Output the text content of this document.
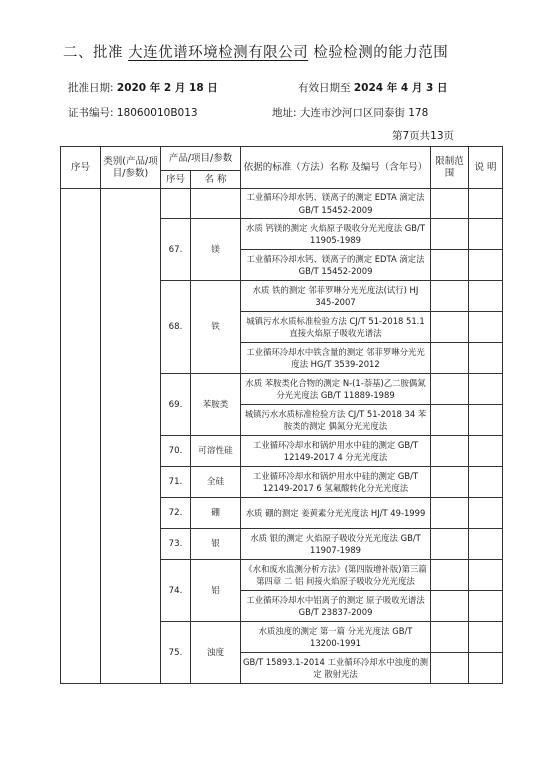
二、批准 大连优谱环境检测有限公司 检验检测的能力范围
批准日期: 2020 年 2 月 18 日	有效日期至 2024 年 4 月 3 日
证书编号: 18060010B013	地址: 大连市沙河口区同泰街 178
第7页共13页
序号	类别(产品/项目/参数)	产品/项目/参数		依据的标准（方法）名称 及编号（含年号）	限制范围	说 明
		序号	名 称			
				工业循环冷却水钙、镁离子的测定 EDTA 滴定法 GB/T 15452-2009		
		67.	镁	水质 钙镁的测定 火焰原子吸收分光光度法 GB/T 11905-1989		
				工业循环冷却水钙、镁离子的测定 EDTA 滴定法 GB/T 15452-2009		
		68.	铁	水质 铁的测定 邻菲罗啉分光光度法(试行) HJ 345-2007		
				城镇污水水质标准检验方法 CJ/T 51-2018 51.1 直接火焰原子吸收光谱法		
				工业循环冷却水中铁含量的测定 邻菲罗啉分光光度法 HG/T 3539-2012		
		69.	苯胺类	水质 苯胺类化合物的测定 N-(1-萘基)乙二胺偶氮分光光度法 GB/T 11889-1989		
				城镇污水水质标准检验方法 CJ/T 51-2018 34 苯胺类的测定 偶氮分光光度法		
		70.	可溶性硅	工业循环冷却水和锅炉用水中硅的测定 GB/T 12149-2017 4 分光光度法		
		71.	全硅	工业循环冷却水和锅炉用水中硅的测定 GB/T 12149-2017 6 氢氟酸转化分光光度法		
		72.	硼	水质 硼的测定 姜黄素分光光度法 HJ/T 49-1999		
		73.	银	水质 银的测定 火焰原子吸收分光光度法 GB/T 11907-1989		
		74.	铝	《水和废水监测分析方法》(第四版增补版)第三篇 第四章 二 铝 间接火焰原子吸收分光光度法		
				工业循环冷却水中铝离子的测定 原子吸收光谱法 GB/T 23837-2009		
		75.	浊度	水质浊度的测定 第一篇 分光光度法 GB/T 13200-1991		
				GB/T 15893.1-2014 工业循环冷却水中浊度的测定 散射光法		
